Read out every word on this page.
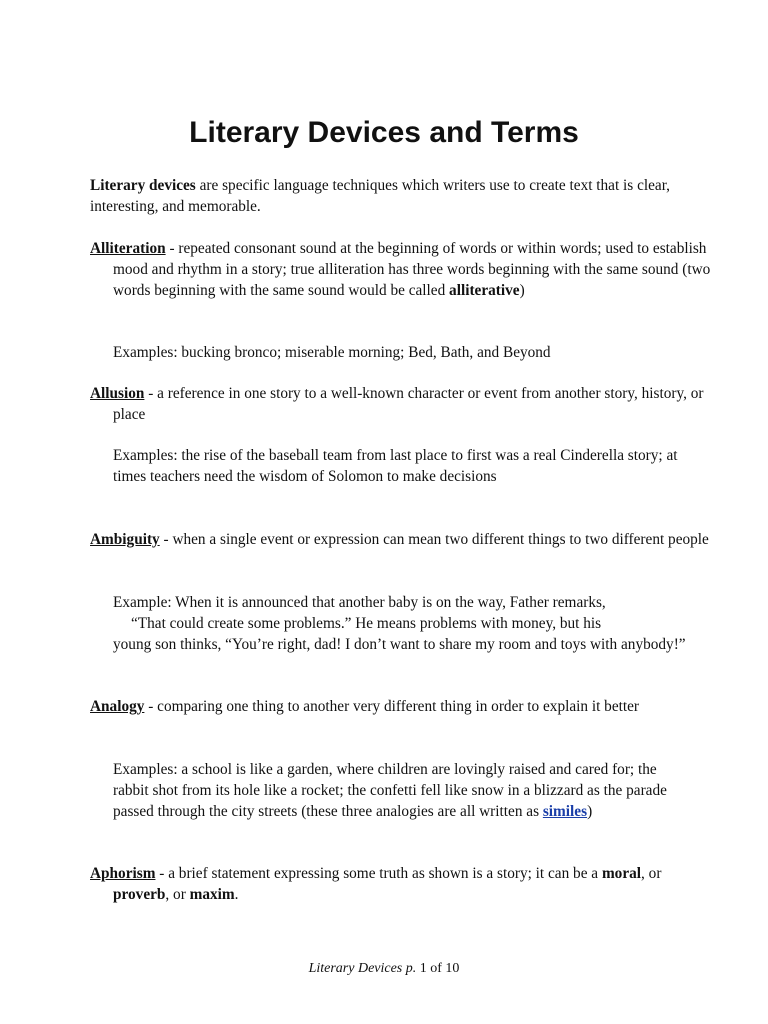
Literary Devices and Terms

Literary devices are specific language techniques which writers use to create text that is clear, interesting, and memorable.

Alliteration - repeated consonant sound at the beginning of words or within words; used to establish mood and rhythm in a story; true alliteration has three words beginning with the same sound (two words beginning with the same sound would be called alliterative)

Examples: bucking bronco; miserable morning; Bed, Bath, and Beyond

Allusion - a reference in one story to a well-known character or event from another story, history, or place

Examples: the rise of the baseball team from last place to first was a real Cinderella story; at times teachers need the wisdom of Solomon to make decisions

Ambiguity - when a single event or expression can mean two different things to two different people

Example: When it is announced that another baby is on the way, Father remarks,

“That could create some problems.” He means problems with money, but his

young son thinks, “You’re right, dad! I don’t want to share my room and toys with anybody!”

Analogy - comparing one thing to another very different thing in order to explain it better

Examples: a school is like a garden, where children are lovingly raised and cared for; the rabbit shot from its hole like a rocket; the confetti fell like snow in a blizzard as the parade passed through the city streets (these three analogies are all written as similes)

Aphorism - a brief statement expressing some truth as shown is a story; it can be a moral, or proverb, or maxim.

Literary Devices p. 1 of 10
